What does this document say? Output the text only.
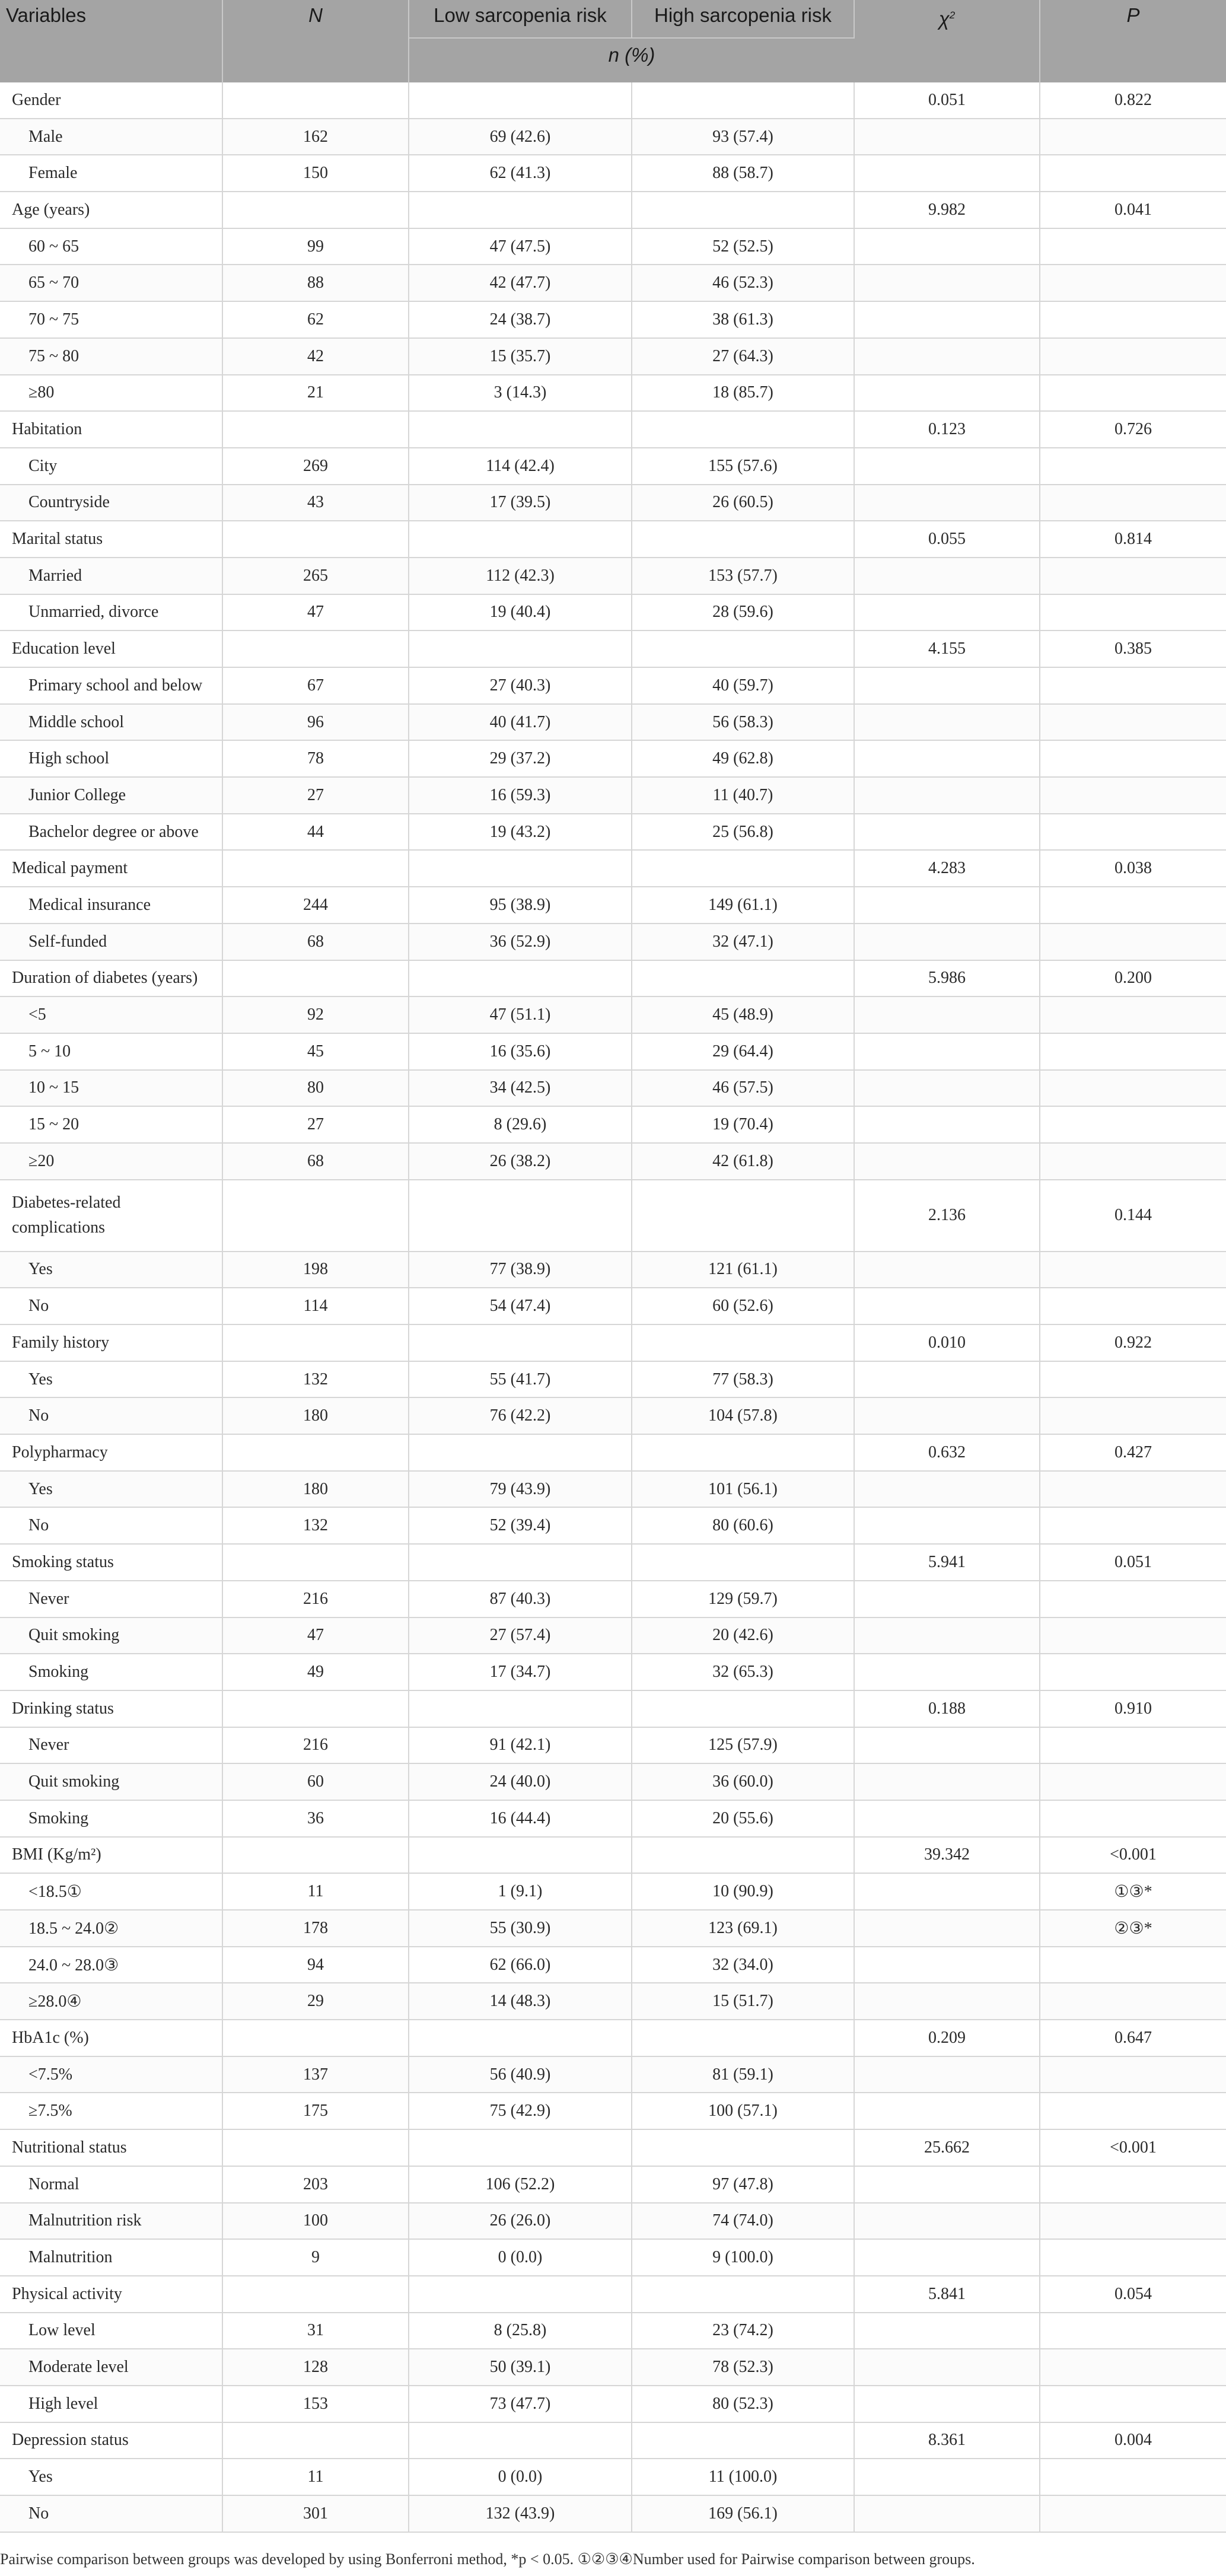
Variables	N	Low sarcopenia risk	High sarcopenia risk	$\chi^2$	P
		n (%)			
Gender				0.051	0.822
Male	162	69 (42.6)	93 (57.4)		
Female	150	62 (41.3)	88 (58.7)		
Age (years)				9.982	0.041
60 ~ 65	99	47 (47.5)	52 (52.5)		
65 ~ 70	88	42 (47.7)	46 (52.3)		
70 ~ 75	62	24 (38.7)	38 (61.3)		
75 ~ 80	42	15 (35.7)	27 (64.3)		
≥80	21	3 (14.3)	18 (85.7)		
Habitation				0.123	0.726
City	269	114 (42.4)	155 (57.6)		
Countryside	43	17 (39.5)	26 (60.5)		
Marital status				0.055	0.814
Married	265	112 (42.3)	153 (57.7)		
Unmarried, divorce	47	19 (40.4)	28 (59.6)		
Education level				4.155	0.385
Primary school and below	67	27 (40.3)	40 (59.7)		
Middle school	96	40 (41.7)	56 (58.3)		
High school	78	29 (37.2)	49 (62.8)		
Junior College	27	16 (59.3)	11 (40.7)		
Bachelor degree or above	44	19 (43.2)	25 (56.8)		
Medical payment				4.283	0.038
Medical insurance	244	95 (38.9)	149 (61.1)		
Self-funded	68	36 (52.9)	32 (47.1)		
Duration of diabetes (years)				5.986	0.200
<5	92	47 (51.1)	45 (48.9)		
5 ~ 10	45	16 (35.6)	29 (64.4)		
10 ~ 15	80	34 (42.5)	46 (57.5)		
15 ~ 20	27	8 (29.6)	19 (70.4)		
≥20	68	26 (38.2)	42 (61.8)		
Diabetes-related complications				2.136	0.144
Yes	198	77 (38.9)	121 (61.1)		
No	114	54 (47.4)	60 (52.6)		
Family history				0.010	0.922
Yes	132	55 (41.7)	77 (58.3)		
No	180	76 (42.2)	104 (57.8)		
Polypharmacy				0.632	0.427
Yes	180	79 (43.9)	101 (56.1)		
No	132	52 (39.4)	80 (60.6)		
Smoking status				5.941	0.051
Never	216	87 (40.3)	129 (59.7)		
Quit smoking	47	27 (57.4)	20 (42.6)		
Smoking	49	17 (34.7)	32 (65.3)		
Drinking status				0.188	0.910
Never	216	91 (42.1)	125 (57.9)		
Quit smoking	60	24 (40.0)	36 (60.0)		
Smoking	36	16 (44.4)	20 (55.6)		
BMI (Kg/m²)				39.342	<0.001
<18.5①	11	1 (9.1)	10 (90.9)		①③*
18.5 ~ 24.0②	178	55 (30.9)	123 (69.1)		②③*
24.0 ~ 28.0③	94	62 (66.0)	32 (34.0)		
≥28.0④	29	14 (48.3)	15 (51.7)		
HbA1c (%)				0.209	0.647
<7.5%	137	56 (40.9)	81 (59.1)		
≥7.5%	175	75 (42.9)	100 (57.1)		
Nutritional status				25.662	<0.001
Normal	203	106 (52.2)	97 (47.8)		
Malnutrition risk	100	26 (26.0)	74 (74.0)		
Malnutrition	9	0 (0.0)	9 (100.0)		
Physical activity				5.841	0.054
Low level	31	8 (25.8)	23 (74.2)		
Moderate level	128	50 (39.1)	78 (52.3)		
High level	153	73 (47.7)	80 (52.3)		
Depression status				8.361	0.004
Yes	11	0 (0.0)	11 (100.0)		
No	301	132 (43.9)	169 (56.1)		
Pairwise comparison between groups was developed by using Bonferroni method, *p < 0.05. ①②③④Number used for Pairwise comparison between groups.
